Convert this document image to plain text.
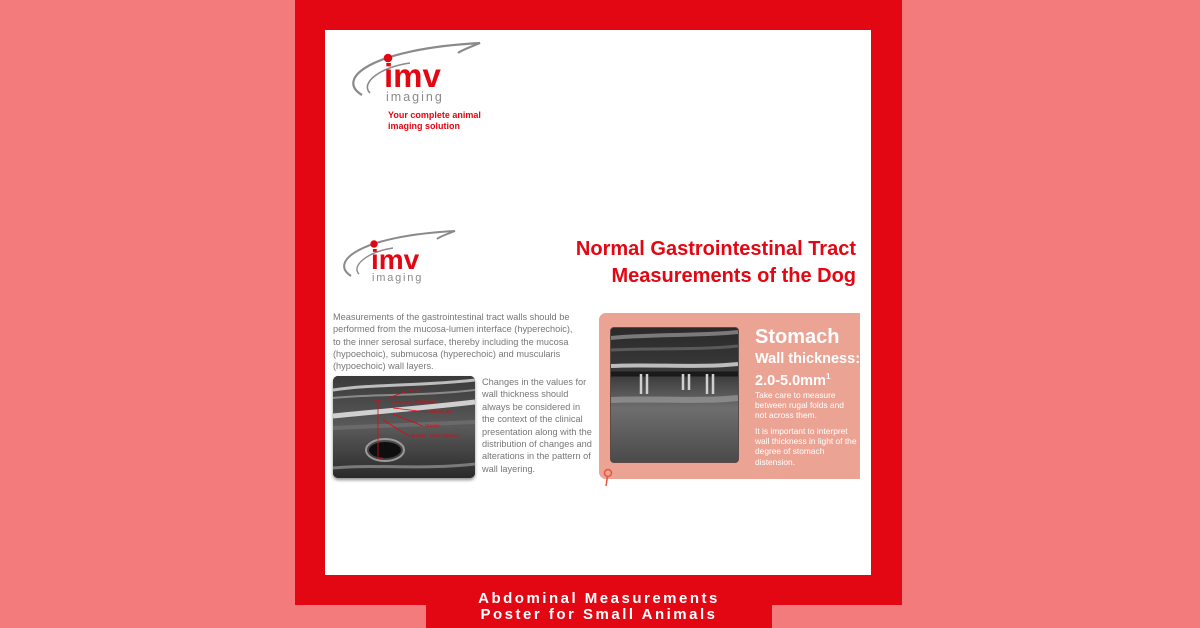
imv
imaging
Your complete animal
imaging solution
imv
imaging
Normal Gastrointestinal Tract
Measurements of the Dog
Measurements of the gastrointestinal tract walls should be performed from the mucosa-lumen interface (hyperechoic), to the inner serosal surface, thereby including the mucosa (hypoechoic), submucosa (hyperechoic) and muscularis (hypoechoic) wall layers.
Serosa
Muscularis
Submucosa
Mucosa
Mucosa – lumen interface
Changes in the values for wall thickness should always be considered in the context of the clinical presentation along with the distribution of changes and alterations in the pattern of wall layering.
Stomach
Wall thickness:
$2.0-5.0mm^1$
Take care to measure between rugal folds and not across them.
It is important to interpret wall thickness in light of the degree of stomach distension.
Abdominal Measurements
Poster for Small Animals
